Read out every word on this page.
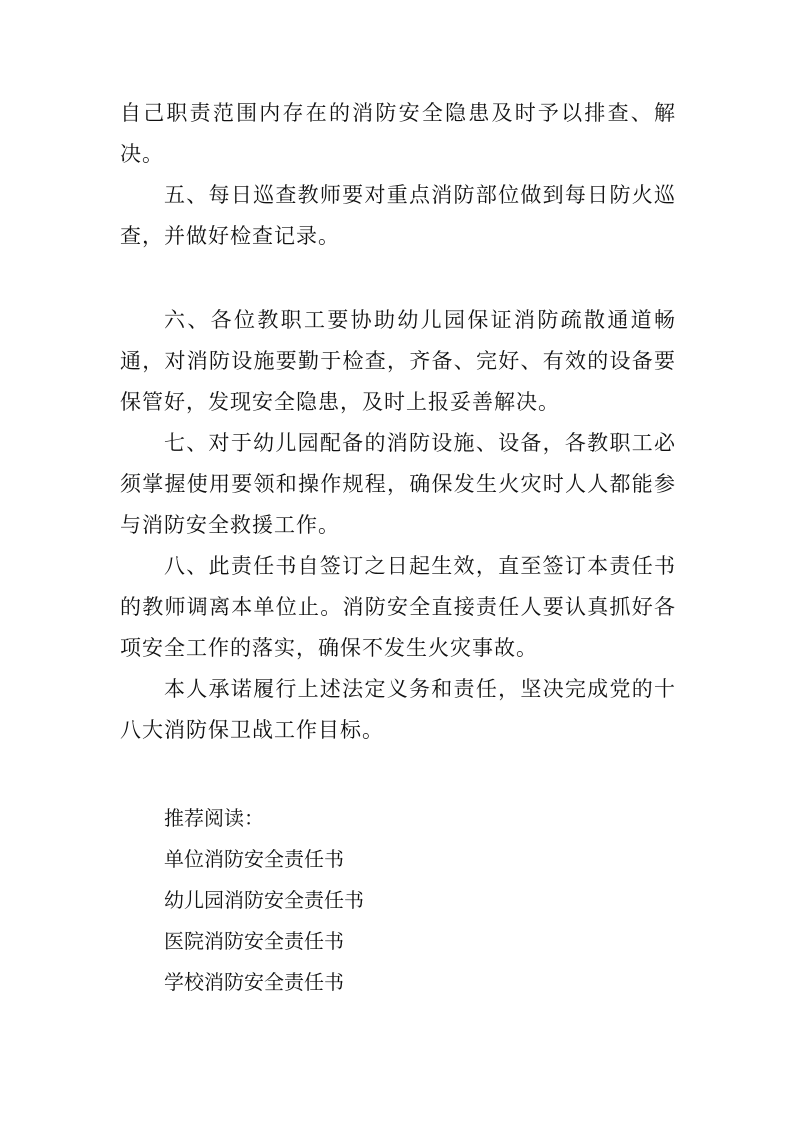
自己职责范围内存在的消防安全隐患及时予以排查、解决。

五、每日巡查教师要对重点消防部位做到每日防火巡查，并做好检查记录。

六、各位教职工要协助幼儿园保证消防疏散通道畅通，对消防设施要勤于检查，齐备、完好、有效的设备要保管好，发现安全隐患，及时上报妥善解决。

七、对于幼儿园配备的消防设施、设备，各教职工必须掌握使用要领和操作规程，确保发生火灾时人人都能参与消防安全救援工作。

八、此责任书自签订之日起生效，直至签订本责任书的教师调离本单位止。消防安全直接责任人要认真抓好各项安全工作的落实，确保不发生火灾事故。

本人承诺履行上述法定义务和责任，坚决完成党的十八大消防保卫战工作目标。

推荐阅读：
单位消防安全责任书
幼儿园消防安全责任书
医院消防安全责任书
学校消防安全责任书
